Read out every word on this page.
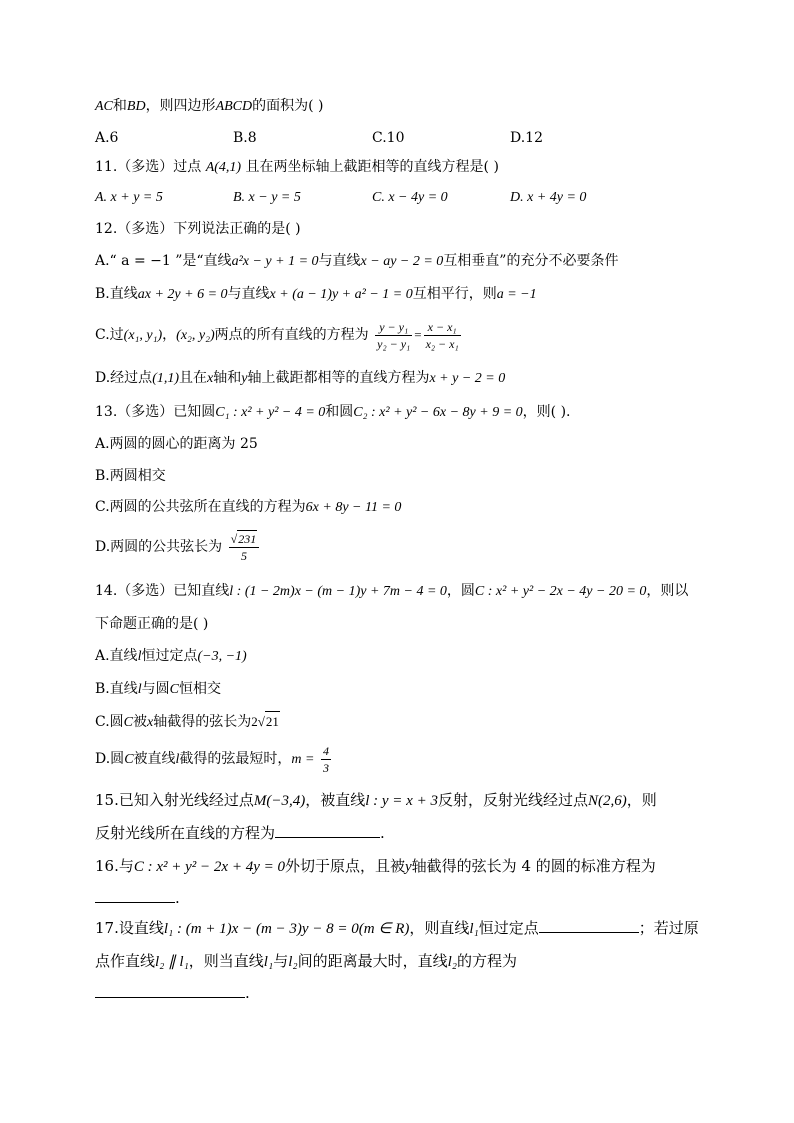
AC和BD，则四边形ABCD的面积为( )
A.6	B.8	C.10	D.12
11.（多选）过点 A(4,1) 且在两坐标轴上截距相等的直线方程是( )
A. x + y = 5	B. x − y = 5	C. x − 4y = 0	D. x + 4y = 0
12.（多选）下列说法正确的是( )
A.“ a = −1 ”是“直线a²x − y + 1 = 0与直线x − ay − 2 = 0互相垂直”的充分不必要条件
B.直线ax + 2y + 6 = 0与直线x + (a − 1)y + a² − 1 = 0互相平行，则a = −1
C.过(x₁, y₁)，(x₂, y₂)两点的所有直线的方程为 $\frac{\text{y − y₁}}{\text{y₂ − y₁}} = \frac{\text{x − x₁}}{\text{x₂ − x₁}}$
D.经过点(1,1)且在x轴和y轴上截距都相等的直线方程为x + y − 2 = 0
13.（多选）已知圆C₁ : x² + y² − 4 = 0和圆C₂ : x² + y² − 6x − 8y + 9 = 0，则( ).
A.两圆的圆心的距离为 25
B.两圆相交
C.两圆的公共弦所在直线的方程为6x + 8y − 11 = 0
D.两圆的公共弦长为 $\frac{√231}{5}$
14.（多选）已知直线l : (1 − 2m)x − (m − 1)y + 7m − 4 = 0，圆C : x² + y² − 2x − 4y − 20 = 0，则以
下命题正确的是( )
A.直线l恒过定点(−3, −1)
B.直线l与圆C恒相交
C.圆C被x轴截得的弦长为2√21
D.圆C被直线l截得的弦最短时，$m = \frac{4}{3}$
15.已知入射光线经过点M(−3,4)，被直线l : y = x + 3反射，反射光线经过点N(2,6)，则
反射光线所在直线的方程为	.
16.与C : x² + y² − 2x + 4y = 0外切于原点，且被y轴截得的弦长为 4 的圆的标准方程为
.
17.设直线l₁ : (m + 1)x − (m − 3)y − 8 = 0(m ∈ R)，则直线l₁恒过定点	；若过原
点作直线l₂ ∥ l₁，则当直线l₁与l₂间的距离最大时，直线l₂的方程为
.
